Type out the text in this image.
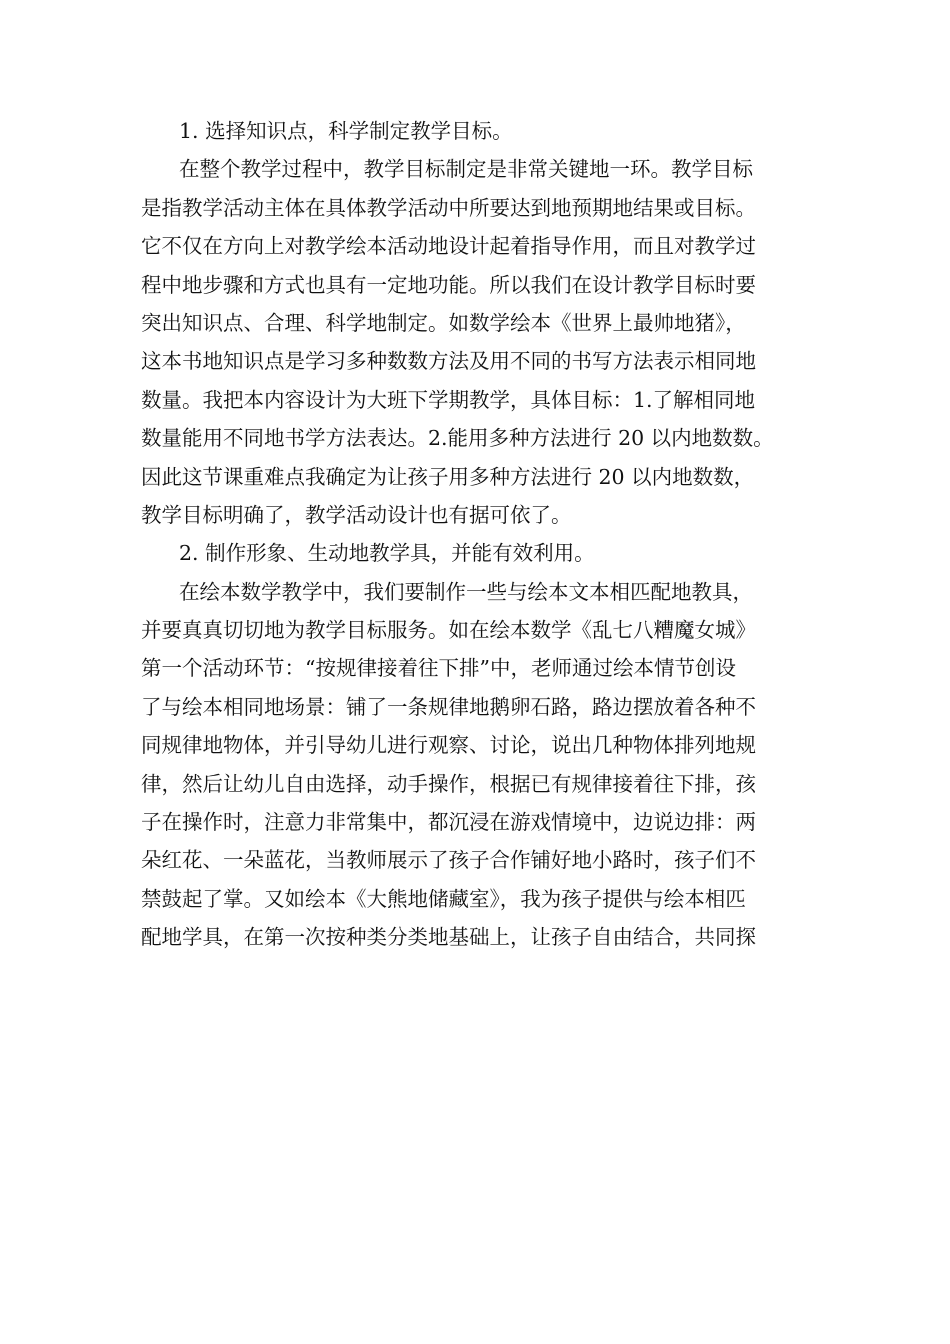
1. 选择知识点，科学制定教学目标。
在整个教学过程中，教学目标制定是非常关键地一环。教学目标
是指教学活动主体在具体教学活动中所要达到地预期地结果或目标。
它不仅在方向上对教学绘本活动地设计起着指导作用，而且对教学过
程中地步骤和方式也具有一定地功能。所以我们在设计教学目标时要
突出知识点、合理、科学地制定。如数学绘本《世界上最帅地猪》，
这本书地知识点是学习多种数数方法及用不同的书写方法表示相同地
数量。我把本内容设计为大班下学期教学，具体目标：1.了解相同地
数量能用不同地书学方法表达。2.能用多种方法进行 20 以内地数数。
因此这节课重难点我确定为让孩子用多种方法进行 20 以内地数数，
教学目标明确了，教学活动设计也有据可依了。
2. 制作形象、生动地教学具，并能有效利用。
在绘本数学教学中，我们要制作一些与绘本文本相匹配地教具，
并要真真切切地为教学目标服务。如在绘本数学《乱七八糟魔女城》
第一个活动环节：“按规律接着往下排”中，老师通过绘本情节创设
了与绘本相同地场景：铺了一条规律地鹅卵石路，路边摆放着各种不
同规律地物体，并引导幼儿进行观察、讨论，说出几种物体排列地规
律，然后让幼儿自由选择，动手操作，根据已有规律接着往下排，孩
子在操作时，注意力非常集中，都沉浸在游戏情境中，边说边排：两
朵红花、一朵蓝花，当教师展示了孩子合作铺好地小路时，孩子们不
禁鼓起了掌。又如绘本《大熊地储藏室》，我为孩子提供与绘本相匹
配地学具，在第一次按种类分类地基础上，让孩子自由结合，共同探
